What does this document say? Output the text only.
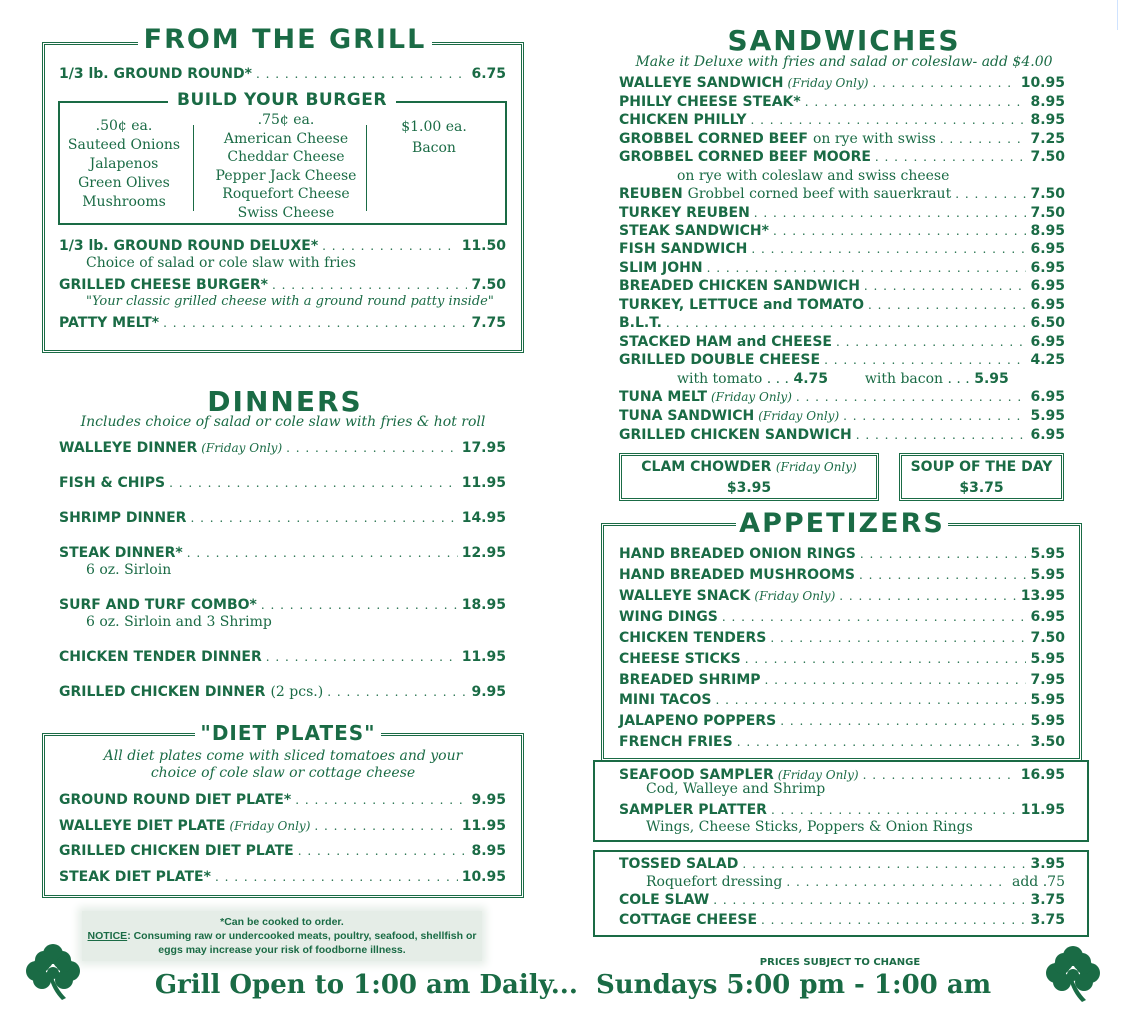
FROM THE GRILL
1/3 lb. GROUND ROUND* . . .	6.75
BUILD YOUR BURGER
.50¢ ea.
Sauteed Onions
Jalapenos
Green Olives
Mushrooms
.75¢ ea.
American Cheese
Cheddar Cheese
Pepper Jack Cheese
Roquefort Cheese
Swiss Cheese
$1.00 ea.
Bacon
1/3 lb. GROUND ROUND DELUXE* . . .	11.50
Choice of salad or cole slaw with fries
GRILLED CHEESE BURGER* . . .	7.50
"Your classic grilled cheese with a ground round patty inside"
PATTY MELT* . . .	7.75
DINNERS
Includes choice of salad or cole slaw with fries & hot roll
WALLEYE DINNER (Friday Only) . . .	17.95
FISH & CHIPS . . .	11.95
SHRIMP DINNER . . .	14.95
STEAK DINNER* . . .	12.95
6 oz. Sirloin
SURF AND TURF COMBO* . . .	18.95
6 oz. Sirloin and 3 Shrimp
CHICKEN TENDER DINNER . . .	11.95
GRILLED CHICKEN DINNER (2 pcs.) . . .	9.95
"DIET PLATES"
All diet plates come with sliced tomatoes and your choice of cole slaw or cottage cheese
GROUND ROUND DIET PLATE* . . .	9.95
WALLEYE DIET PLATE (Friday Only) . . .	11.95
GRILLED CHICKEN DIET PLATE . . .	8.95
STEAK DIET PLATE* . . .	10.95
*Can be cooked to order.
NOTICE: Consuming raw or undercooked meats, poultry, seafood, shellfish or eggs may increase your risk of foodborne illness.
SANDWICHES
Make it Deluxe with fries and salad or coleslaw- add $4.00
WALLEYE SANDWICH (Friday Only) . . .	10.95
PHILLY CHEESE STEAK* . . .	8.95
CHICKEN PHILLY . . .	8.95
GROBBEL CORNED BEEF on rye with swiss . . .	7.25
GROBBEL CORNED BEEF MOORE . . .	7.50
REUBEN Grobbel corned beef with sauerkraut . . .	7.50
TURKEY REUBEN . . .	7.50
STEAK SANDWICH* . . .	8.95
FISH SANDWICH . . .	6.95
SLIM JOHN . . .	6.95
BREADED CHICKEN SANDWICH . . .	6.95
TURKEY, LETTUCE and TOMATO . . .	6.95
B.L.T. . . .	6.50
STACKED HAM and CHEESE . . .	6.95
GRILLED DOUBLE CHEESE . . .	4.25
TUNA MELT (Friday Only) . . .	6.95
TUNA SANDWICH (Friday Only) . . .	5.95
GRILLED CHICKEN SANDWICH . . .	6.95
on rye with coleslaw and swiss cheese
with tomato . . . 4.75	with bacon . . . 5.95
CLAM CHOWDER (Friday Only)
$3.95
SOUP OF THE DAY
$3.75
APPETIZERS
HAND BREADED ONION RINGS . . .	5.95
HAND BREADED MUSHROOMS . . .	5.95
WALLEYE SNACK (Friday Only) . . .	13.95
WING DINGS . . .	6.95
CHICKEN TENDERS . . .	7.50
CHEESE STICKS . . .	5.95
BREADED SHRIMP . . .	7.95
MINI TACOS . . .	5.95
JALAPENO POPPERS . . .	5.95
FRENCH FRIES . . .	3.50
SEAFOOD SAMPLER (Friday Only) . . .	16.95
Cod, Walleye and Shrimp
SAMPLER PLATTER . . .	11.95
Wings, Cheese Sticks, Poppers & Onion Rings
TOSSED SALAD . . .	3.95
Roquefort dressing . . .	add .75
COLE SLAW . . .	3.75
COTTAGE CHEESE . . .	3.75
PRICES SUBJECT TO CHANGE
Grill Open to 1:00 am Daily...  Sundays 5:00 pm - 1:00 am
